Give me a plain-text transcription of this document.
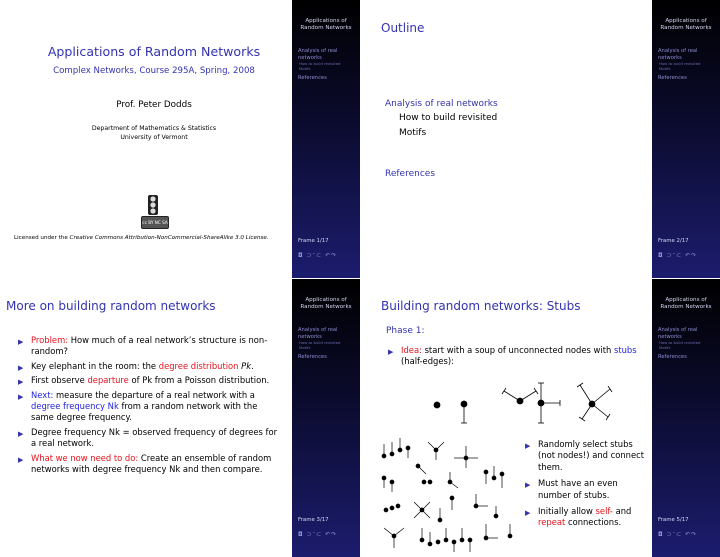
Applications of Random Networks
Complex Networks, Course 295A, Spring, 2008
Prof. Peter Dodds
Department of Mathematics & Statistics
University of Vermont
cc BY NC SA
Licensed under the Creative Commons Attribution-NonCommercial-ShareAlike 3.0 License.
Applications of
Random Networks
Analysis of real networks
How to build revisited
Motifs
References
Frame 1/17
◘ ⊃ᵔ⊂ ↶↷
Outline
Analysis of real networks
How to build revisited
Motifs
References
Applications of
Random Networks
Analysis of real networks
How to build revisited
Motifs
References
Frame 2/17
◘ ⊃ᵔ⊂ ↶↷
More on building random networks
▶ Problem: How much of a real network’s structure is non-random?
▶ Key elephant in the room: the degree distribution Pk.
▶ First observe departure of Pk from a Poisson distribution.
▶ Next: measure the departure of a real network with a degree frequency Nk from a random network with the same degree frequency.
▶ Degree frequency Nk = observed frequency of degrees for a real network.
▶ What we now need to do: Create an ensemble of random networks with degree frequency Nk and then compare.
Applications of
Random Networks
Analysis of real networks
How to build revisited
Motifs
References
Frame 3/17
◘ ⊃ᵔ⊂ ↶↷
Building random networks: Stubs
Phase 1:
▶ Idea: start with a soup of unconnected nodes with stubs (half-edges):
▶ Randomly select stubs (not nodes!) and connect them.
▶ Must have an even number of stubs.
▶ Initially allow self- and repeat connections.
Applications of
Random Networks
Analysis of real networks
How to build revisited
Motifs
References
Frame 5/17
◘ ⊃ᵔ⊂ ↶↷
